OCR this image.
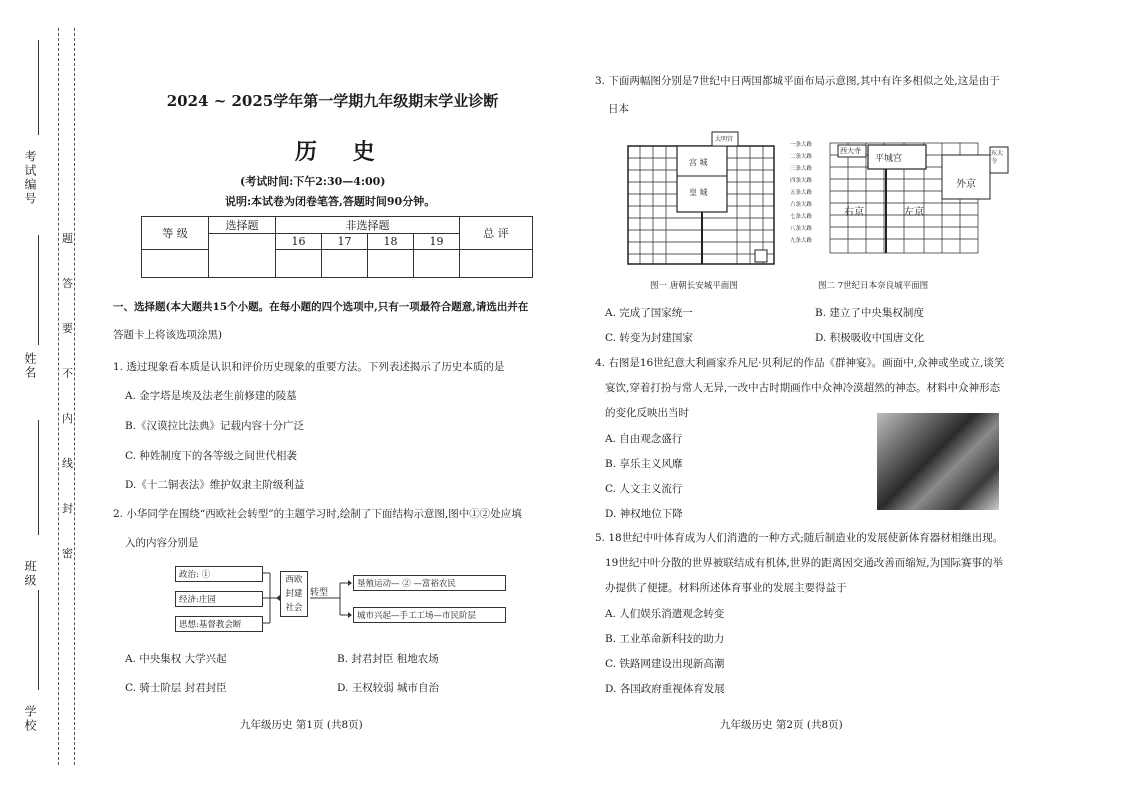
考试编号
姓名
班级
学校
题
答
要
不
内
线
封
密
2024 ~ 2025学年第一学期九年级期末学业诊断
历 史
(考试时间:下午2:30—4:00)
说明:本试卷为闭卷笔答,答题时间90分钟。
等 级	选择题	非选择题				总 评
		16	17	18	19	

一、选择题(本大题共15个小题。在每小题的四个选项中,只有一项最符合题意,请选出并在
答题卡上将该选项涂黑)
1. 透过现象看本质是认识和评价历史现象的重要方法。下列表述揭示了历史本质的是
A. 金字塔是埃及法老生前修建的陵墓
B.《汉谟拉比法典》记载内容十分广泛
C. 种姓制度下的各等级之间世代相袭
D.《十二铜表法》维护奴隶主阶级利益
2. 小华同学在围绕“西欧社会转型”的主题学习时,绘制了下面结构示意图,图中①②处应填
入的内容分别是
政治: ①
经济:庄园
思想:基督教会断
西欧
封建
社会
转型
垦殖运动— ② —富裕农民
城市兴起—手工工场—市民阶层
A. 中央集权 大学兴起	B. 封君封臣 租地农场
C. 骑士阶层 封君封臣	D. 王权较弱 城市自治
九年级历史 第1页 (共8页)
3. 下面两幅图分别是7世纪中日两国都城平面布局示意图,其中有许多相似之处,这是由于
日本
大明宫
宫 城
皇 城
图一 唐朝长安城平面图
西大寺
平城宫
右京	左京
外京
东大寺
一条大路
二条大路
三条大路
四条大路
五条大路
六条大路
七条大路
八条大路
九条大路
图二 7世纪日本奈良城平面图
A. 完成了国家统一	B. 建立了中央集权制度
C. 转变为封建国家	D. 积极吸收中国唐文化
4. 右图是16世纪意大利画家乔凡尼·贝利尼的作品《群神宴》。画面中,众神或坐或立,谈笑
宴饮,穿着打扮与常人无异,一改中古时期画作中众神冷漠超然的神态。材料中众神形态
的变化反映出当时
A. 自由观念盛行
B. 享乐主义风靡
C. 人文主义流行
D. 神权地位下降
5. 18世纪中叶体育成为人们消遣的一种方式;随后制造业的发展使新体育器材相继出现。
19世纪中叶分散的世界被联结成有机体,世界的距离因交通改善而缩短,为国际赛事的举
办提供了便捷。材料所述体育事业的发展主要得益于
A. 人们娱乐消遣观念转变
B. 工业革命新科技的助力
C. 铁路网建设出现新高潮
D. 各国政府重视体育发展
九年级历史 第2页 (共8页)
